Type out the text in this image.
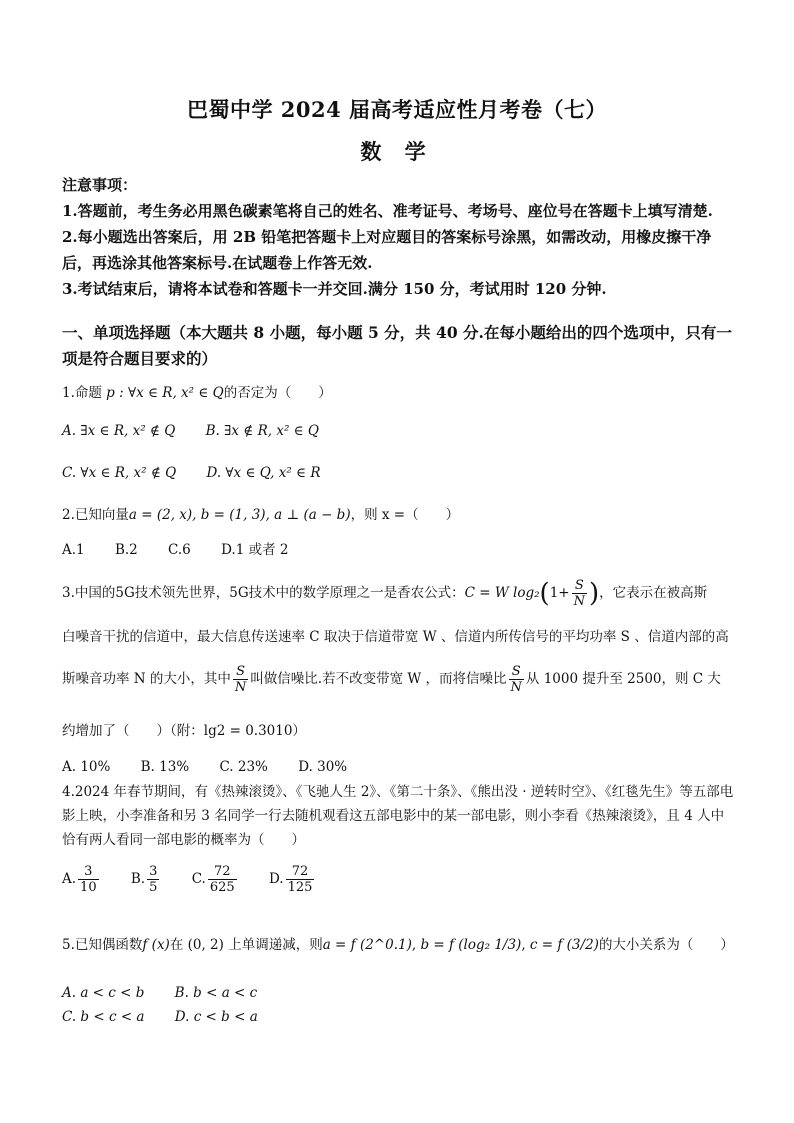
巴蜀中学 2024 届高考适应性月考卷（七）
数 学

注意事项：

1.答题前，考生务必用黑色碳素笔将自己的姓名、准考证号、考场号、座位号在答题卡上填写清楚.

2.每小题选出答案后，用 2B 铅笔把答题卡上对应题目的答案标号涂黑，如需改动，用橡皮擦干净后，再选涂其他答案标号.在试题卷上作答无效.

3.考试结束后，请将本试卷和答题卡一并交回.满分 150 分，考试用时 120 分钟.

一、单项选择题（本大题共 8 小题，每小题 5 分，共 40 分.在每小题给出的四个选项中，只有一项是符合题目要求的）
1.命题 p : ∀x ∈ R, x² ∈ Q的否定为（　　）
A. ∃x ∈ R, x² ∉ Q B. ∃x ∉ R, x² ∈ Q
C. ∀x ∈ R, x² ∉ Q D. ∀x ∈ Q, x² ∈ R
2.已知向量a = (2, x), b = (1, 3), a ⊥ (a − b)，则 x =（　　）
A.1 B.2 C.6 D.1 或者 2
3.中国的5G技术领先世界，5G技术中的数学原理之一是香农公式：C = W $\log_2(1+ \frac{S}{N}$ )，它表示在被高斯
白噪音干扰的信道中，最大信息传送速率 C 取决于信道带宽 W 、信道内所传信号的平均功率 S 、信道内部的高
斯噪音功率 N 的大小，其中 $\frac{S}{N}$ 叫做信噪比.若不改变带宽 W ，而将信噪比 $\frac{S}{N}$ 从 1000 提升至 2500，则 C 大
约增加了（　　）（附：lg2 = 0.3010）
A. 10% B. 13% C. 23% D. 30%
4.2024 年春节期间，有《热辣滚烫》、《飞驰人生 2》、《第二十条》、《熊出没 · 逆转时空》、《红毯先生》等五部电影上映，小李准备和另 3 名同学一行去随机观看这五部电影中的某一部电影，则小李看《热辣滚烫》，且 4 人中恰有两人看同一部电影的概率为（　　）
A. $\frac{3}{10} B$. $\frac{3}{5} C$. $\frac{72}{625} D$. $\frac{72}{125}$
5.已知偶函数f (x)在 (0, 2) 上单调递减，则a = f (2^0.1), b = f (log₂ 1/3), c = f (3/2)的大小关系为（　　）
A. a < c < b B. b < a < c
C. b < c < a D. c < b < a
